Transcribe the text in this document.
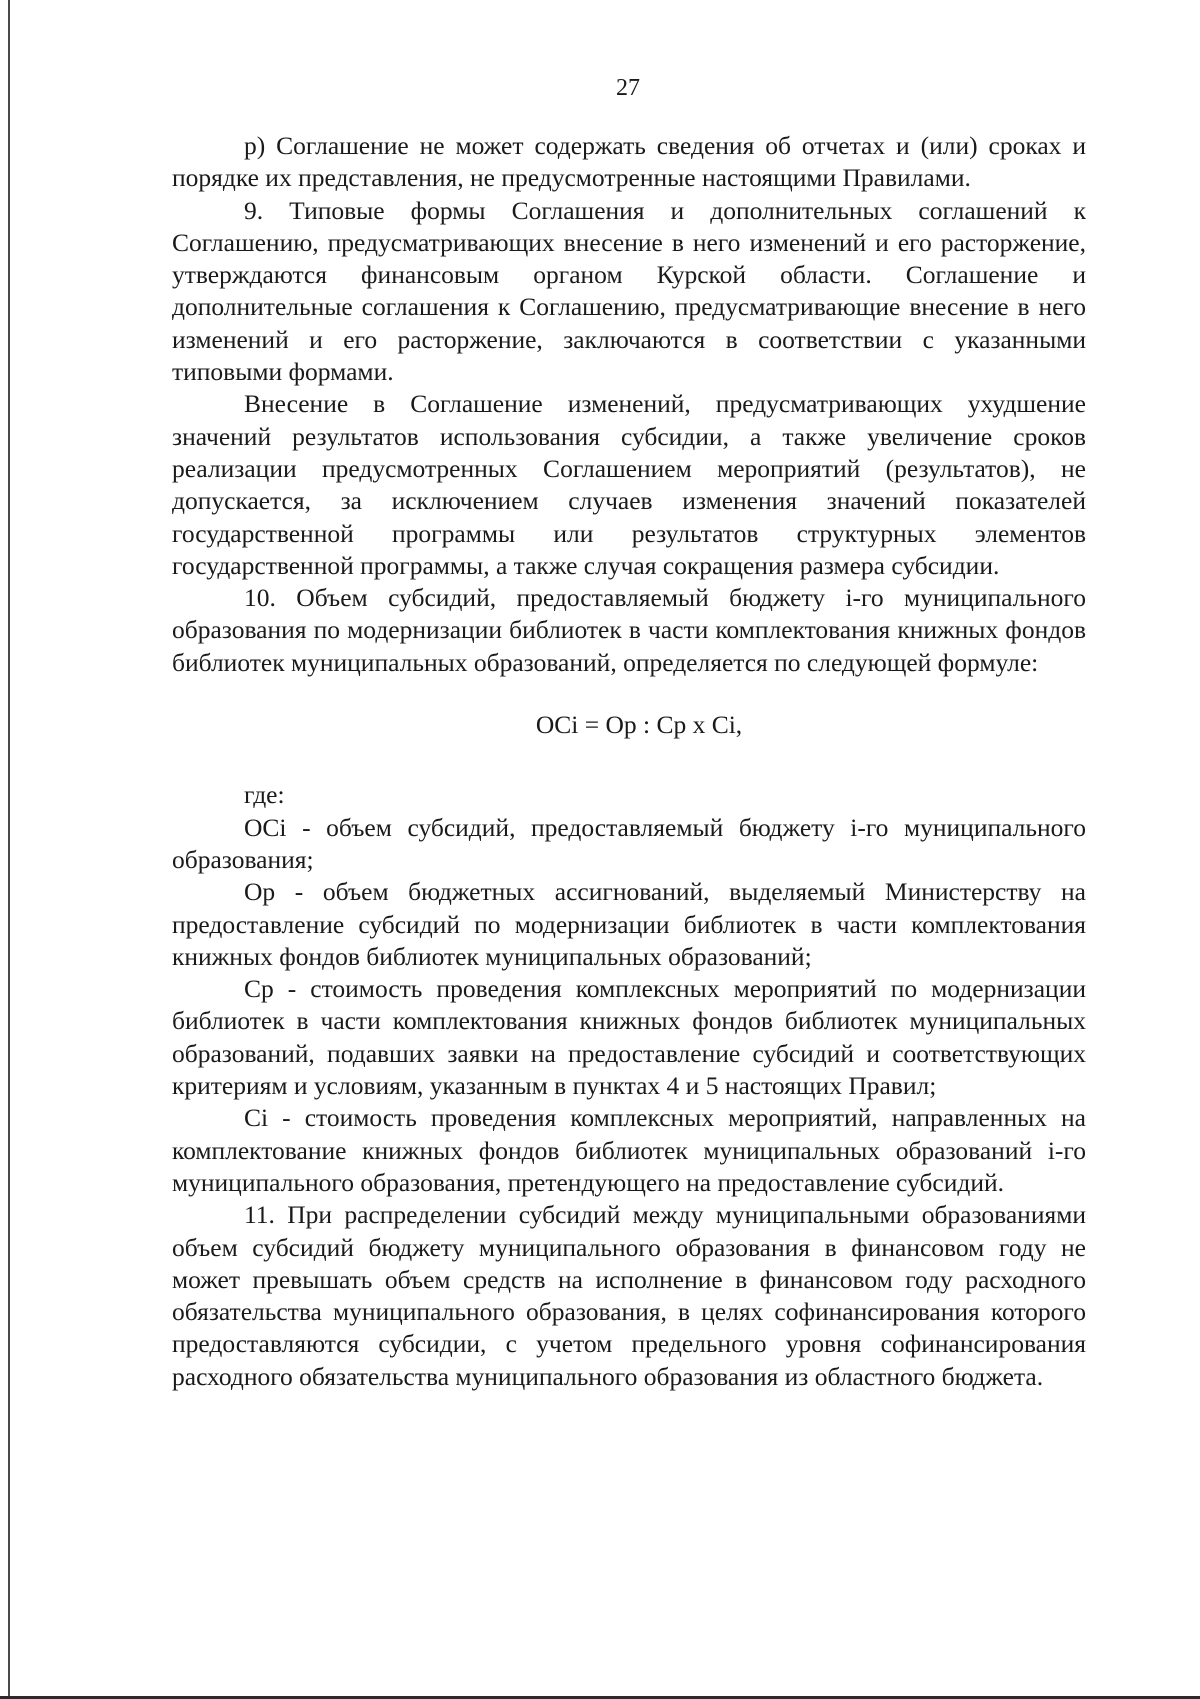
27

р) Соглашение не может содержать сведения об отчетах и (или) сроках и порядке их представления, не предусмотренные настоящими Правилами.

9. Типовые формы Соглашения и дополнительных соглашений к Соглашению, предусматривающих внесение в него изменений и его расторжение, утверждаются финансовым органом Курской области. Соглашение и дополнительные соглашения к Соглашению, предусматривающие внесение в него изменений и его расторжение, заключаются в соответствии с указанными типовыми формами.

Внесение в Соглашение изменений, предусматривающих ухудшение значений результатов использования субсидии, а также увеличение сроков реализации предусмотренных Соглашением мероприятий (результатов), не допускается, за исключением случаев изменения значений показателей государственной программы или результатов структурных элементов государственной программы, а также случая сокращения размера субсидии.

10. Объем субсидий, предоставляемый бюджету i-го муниципального образования по модернизации библиотек в части комплектования книжных фондов библиотек муниципальных образований, определяется по следующей формуле:

OCi = Op : Cp x Ci,

где:

OCi - объем субсидий, предоставляемый бюджету i-го муниципального образования;

Op - объем бюджетных ассигнований, выделяемый Министерству на предоставление субсидий по модернизации библиотек в части комплектования книжных фондов библиотек муниципальных образований;

Cp - стоимость проведения комплексных мероприятий по модернизации библиотек в части комплектования книжных фондов библиотек муниципальных образований, подавших заявки на предоставление субсидий и соответствующих критериям и условиям, указанным в пунктах 4 и 5 настоящих Правил;

Ci - стоимость проведения комплексных мероприятий, направленных на комплектование книжных фондов библиотек муниципальных образований i-го муниципального образования, претендующего на предоставление субсидий.

11. При распределении субсидий между муниципальными образованиями объем субсидий бюджету муниципального образования в финансовом году не может превышать объем средств на исполнение в финансовом году расходного обязательства муниципального образования, в целях софинансирования которого предоставляются субсидии, с учетом предельного уровня софинансирования расходного обязательства муниципального образования из областного бюджета.
